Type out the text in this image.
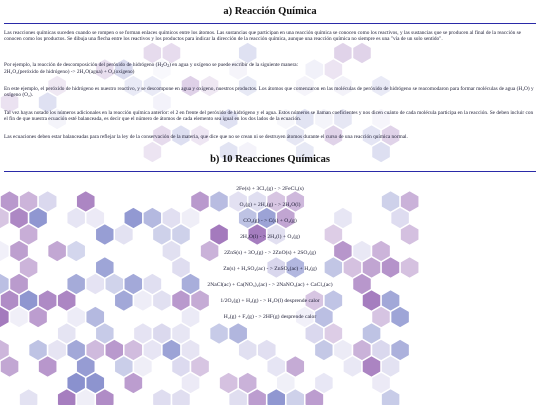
a) Reacción Química
Las reacciones químicas suceden cuando se rompen o se forman enlaces químicos entre los átomos. Las sustancias que participan en una reacción química se conocen como los reactivos, y las sustancias que se producen al final de la reacción se conocen como los productos. Se dibuja una flecha entre los reactivos y los productos para indicar la dirección de la reacción química, aunque una reacción química no siempre es una "vía de un solo sentido".
Por ejemplo, la reacción de descomposición del peróxido de hidrógeno $(H_2O_2)$ en agua y oxígeno se puede escribir de la siguiente manera:
2H₂O₂(peróxido de hidrógeno) -> 2H₂O(agua) + O₂(oxígeno)
En este ejemplo, el peróxido de hidrógeno es nuestro reactivo, y se descompone en agua y oxígeno, nuestros productos. Los átomos que comenzaron en las moléculas de peróxido de hidrógeno se reacomodaron para formar moléculas de agua (H₂O) y oxígeno (O₂).
Tal vez hayas notado los números adicionales en la reacción química anterior: el 2 en frente del peróxido de hidrógeno y el agua. Estos números se llaman coeficientes y nos dicen cuánto de cada molécula participa en la reacción. Se deben incluir con el fin de que nuestra ecuación esté balanceada, es decir que el número de átomos de cada elemento sea igual en los dos lados de la ecuación.
Las ecuaciones deben estar balanceadas para reflejar la ley de la conservación de la materia, que dice que no se crean ni se destruyen átomos durante el curso de una reacción química normal.
b) 10 Reacciones Químicas
2Fe(s) + 3Cl₂(g) - > 2FeCl₃(s)
O₂(g) + 2H₂(g) - > 2H₂O(l)
CO₂(g) - > C(s) + O₂(g)
2H₂O(l) - > 2H₂(l) + O₂(g)
2ZnS(s) + 3O₂(g) - > 2ZnO(s) + 2SO₂(g)
Zn(s) + H₂SO₄(ac) - > ZnSO₄(ac) + H₂(g)
2NaCl(ac) + Ca(NO₃)₂(ac) - > 2NaNO₃(ac) + CaCl₂(ac)
1/2O₂(g) + H₂(g) - > H₂O(l) desprende calor
H₂(g) + F₂(g) - > 2HF(g) desprende calor
